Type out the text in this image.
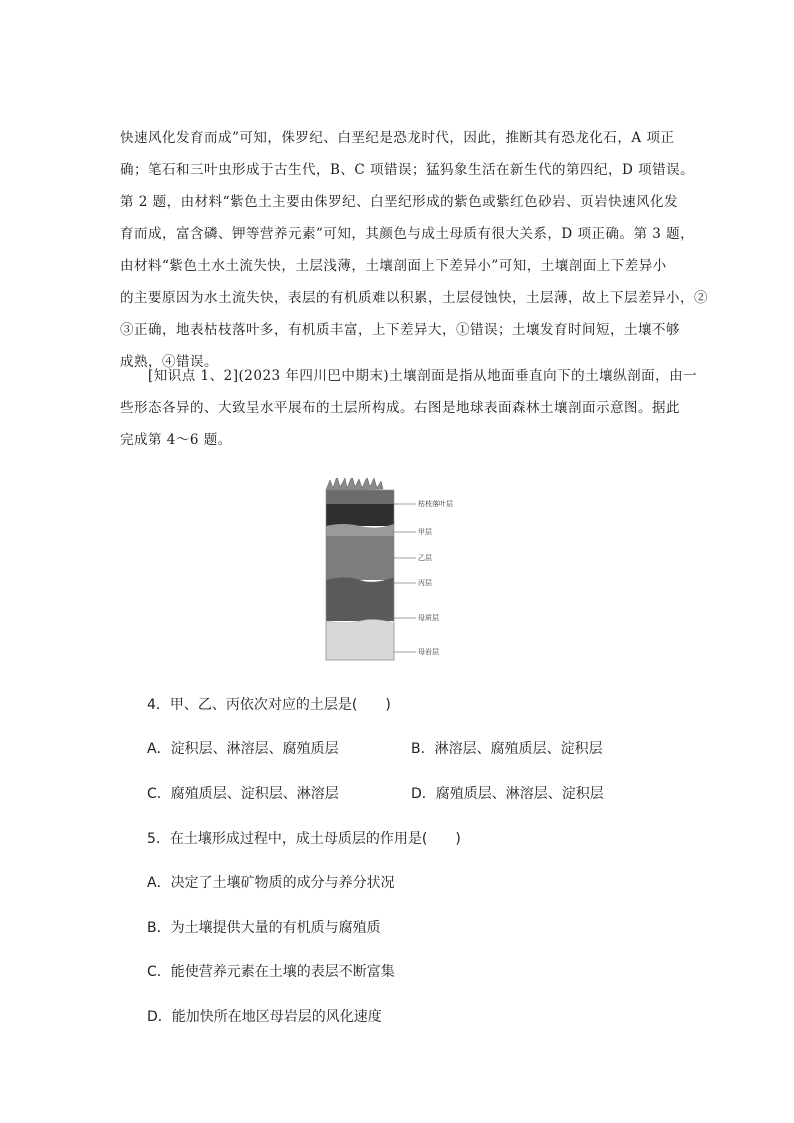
快速风化发育而成”可知，侏罗纪、白垩纪是恐龙时代，因此，推断其有恐龙化石，A 项正
确；笔石和三叶虫形成于古生代，B、C 项错误；猛犸象生活在新生代的第四纪，D 项错误。
第 2 题，由材料“紫色土主要由侏罗纪、白垩纪形成的紫色或紫红色砂岩、页岩快速风化发
育而成，富含磷、钾等营养元素”可知，其颜色与成土母质有很大关系，D 项正确。第 3 题，
由材料“紫色土水土流失快，土层浅薄，土壤剖面上下差异小”可知，土壤剖面上下差异小
的主要原因为水土流失快，表层的有机质难以积累，土层侵蚀快，土层薄，故上下层差异小，②
③正确，地表枯枝落叶多，有机质丰富，上下差异大，①错误；土壤发育时间短，土壤不够
成熟，④错误。
[知识点 1、2](2023 年四川巴中期末)土壤剖面是指从地面垂直向下的土壤纵剖面，由一
些形态各异的、大致呈水平展布的土层所构成。右图是地球表面森林土壤剖面示意图。据此
完成第 4～6 题。
枯枝落叶层
甲层
乙层
丙层
母质层
母岩层
4．甲、乙、丙依次对应的土层是(　　)
A．淀积层、淋溶层、腐殖质层	B．淋溶层、腐殖质层、淀积层
C．腐殖质层、淀积层、淋溶层	D．腐殖质层、淋溶层、淀积层
5．在土壤形成过程中，成土母质层的作用是(　　)
A．决定了土壤矿物质的成分与养分状况
B．为土壤提供大量的有机质与腐殖质
C．能使营养元素在土壤的表层不断富集
D．能加快所在地区母岩层的风化速度
